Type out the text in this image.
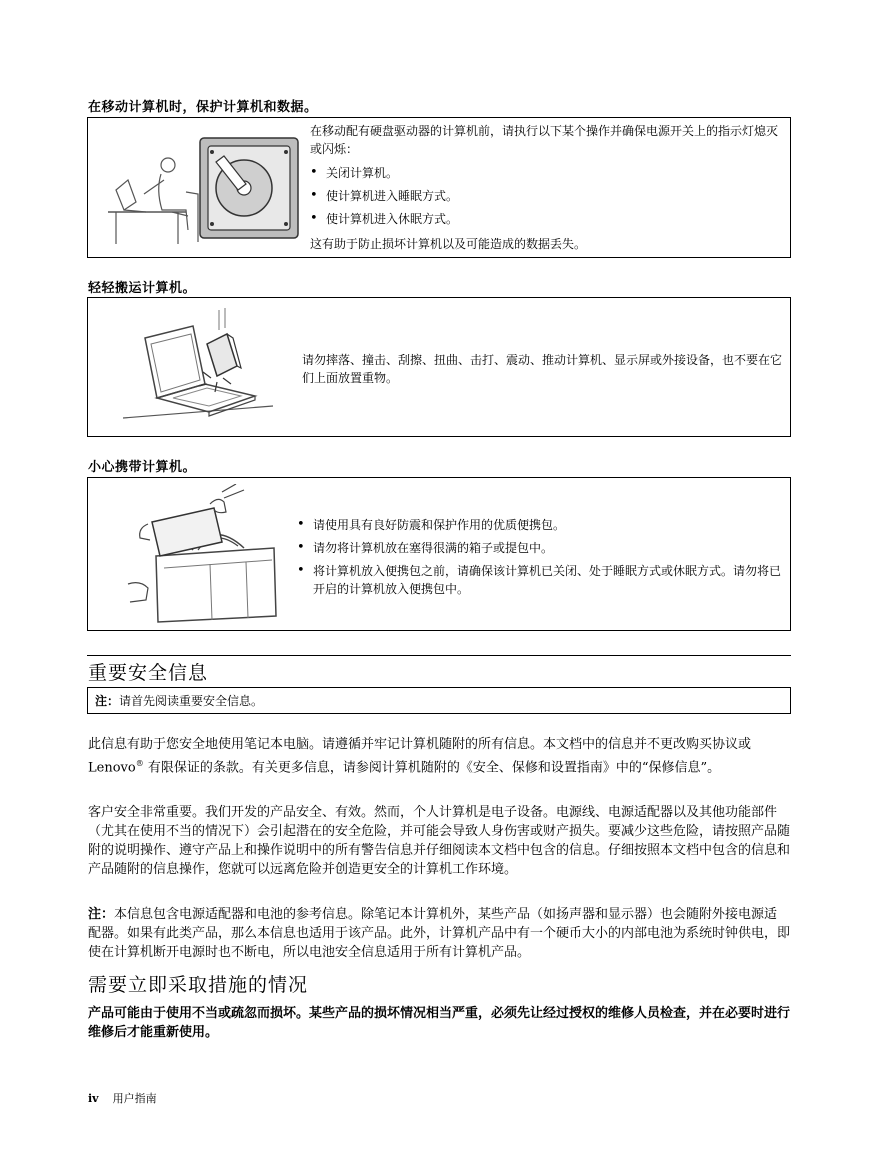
在移动计算机时，保护计算机和数据。
在移动配有硬盘驱动器的计算机前，请执行以下某个操作并确保电源开关上的指示灯熄灭或闪烁：
• 关闭计算机。
• 使计算机进入睡眠方式。
• 使计算机进入休眠方式。
这有助于防止损坏计算机以及可能造成的数据丢失。
轻轻搬运计算机。
请勿摔落、撞击、刮擦、扭曲、击打、震动、推动计算机、显示屏或外接设备，也不要在它们上面放置重物。
小心携带计算机。
• 请使用具有良好防震和保护作用的优质便携包。
• 请勿将计算机放在塞得很满的箱子或提包中。
• 将计算机放入便携包之前，请确保该计算机已关闭、处于睡眠方式或休眠方式。请勿将已开启的计算机放入便携包中。
重要安全信息
注：请首先阅读重要安全信息。
此信息有助于您安全地使用笔记本电脑。请遵循并牢记计算机随附的所有信息。本文档中的信息并不更改购买协议或 Lenovo® 有限保证的条款。有关更多信息，请参阅计算机随附的《安全、保修和设置指南》中的“保修信息”。
客户安全非常重要。我们开发的产品安全、有效。然而，个人计算机是电子设备。电源线、电源适配器以及其他功能部件（尤其在使用不当的情况下）会引起潜在的安全危险，并可能会导致人身伤害或财产损失。要减少这些危险，请按照产品随附的说明操作、遵守产品上和操作说明中的所有警告信息并仔细阅读本文档中包含的信息。仔细按照本文档中包含的信息和产品随附的信息操作，您就可以远离危险并创造更安全的计算机工作环境。
注：本信息包含电源适配器和电池的参考信息。除笔记本计算机外，某些产品（如扬声器和显示器）也会随附外接电源适配器。如果有此类产品，那么本信息也适用于该产品。此外，计算机产品中有一个硬币大小的内部电池为系统时钟供电，即使在计算机断开电源时也不断电，所以电池安全信息适用于所有计算机产品。
需要立即采取措施的情况
产品可能由于使用不当或疏忽而损坏。某些产品的损坏情况相当严重，必须先让经过授权的维修人员检查，并在必要时进行维修后才能重新使用。
iv 用户指南
